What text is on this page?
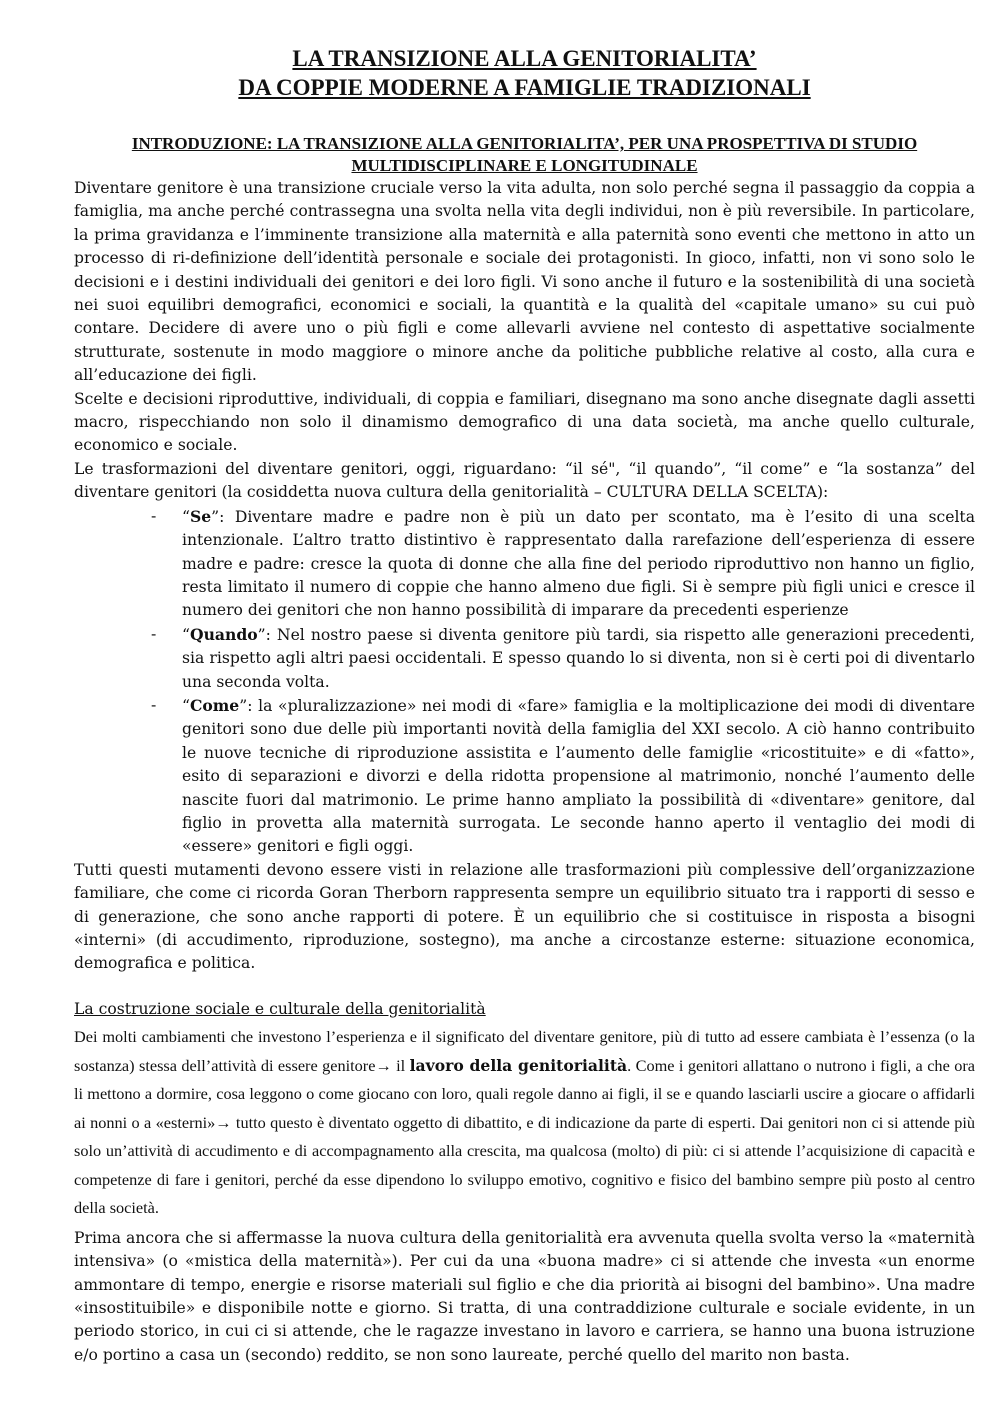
LA TRANSIZIONE ALLA GENITORIALITA’
DA COPPIE MODERNE A FAMIGLIE TRADIZIONALI
INTRODUZIONE: LA TRANSIZIONE ALLA GENITORIALITA’, PER UNA PROSPETTIVA DI STUDIO MULTIDISCIPLINARE E LONGITUDINALE

Diventare genitore è una transizione cruciale verso la vita adulta, non solo perché segna il passaggio da coppia a famiglia, ma anche perché contrassegna una svolta nella vita degli individui, non è più reversibile. In particolare, la prima gravidanza e l’imminente transizione alla maternità e alla paternità sono eventi che mettono in atto un processo di ri-definizione dell’identità personale e sociale dei protagonisti. In gioco, infatti, non vi sono solo le decisioni e i destini individuali dei genitori e dei loro figli. Vi sono anche il futuro e la sostenibilità di una società nei suoi equilibri demografici, economici e sociali, la quantità e la qualità del «capitale umano» su cui può contare. Decidere di avere uno o più figli e come allevarli avviene nel contesto di aspettative socialmente strutturate, sostenute in modo maggiore o minore anche da politiche pubbliche relative al costo, alla cura e all’educazione dei figli.

Scelte e decisioni riproduttive, individuali, di coppia e familiari, disegnano ma sono anche disegnate dagli assetti macro, rispecchiando non solo il dinamismo demografico di una data società, ma anche quello culturale, economico e sociale.

Le trasformazioni del diventare genitori, oggi, riguardano: “il sé", “il quando”, “il come” e “la sostanza” del diventare genitori (la cosiddetta nuova cultura della genitorialità – CULTURA DELLA SCELTA):

- “Se”: Diventare madre e padre non è più un dato per scontato, ma è l’esito di una scelta intenzionale. L’altro tratto distintivo è rappresentato dalla rarefazione dell’esperienza di essere madre e padre: cresce la quota di donne che alla fine del periodo riproduttivo non hanno un figlio, resta limitato il numero di coppie che hanno almeno due figli. Si è sempre più figli unici e cresce il numero dei genitori che non hanno possibilità di imparare da precedenti esperienze
- “Quando”: Nel nostro paese si diventa genitore più tardi, sia rispetto alle generazioni precedenti, sia rispetto agli altri paesi occidentali. E spesso quando lo si diventa, non si è certi poi di diventarlo una seconda volta.
- “Come”: la «pluralizzazione» nei modi di «fare» famiglia e la moltiplicazione dei modi di diventare genitori sono due delle più importanti novità della famiglia del XXI secolo. A ciò hanno contribuito le nuove tecniche di riproduzione assistita e l’aumento delle famiglie «ricostituite» e di «fatto», esito di separazioni e divorzi e della ridotta propensione al matrimonio, nonché l’aumento delle nascite fuori dal matrimonio. Le prime hanno ampliato la possibilità di «diventare» genitore, dal figlio in provetta alla maternità surrogata. Le seconde hanno aperto il ventaglio dei modi di «essere» genitori e figli oggi.

Tutti questi mutamenti devono essere visti in relazione alle trasformazioni più complessive dell’organizzazione familiare, che come ci ricorda Goran Therborn rappresenta sempre un equilibrio situato tra i rapporti di sesso e di generazione, che sono anche rapporti di potere. È un equilibrio che si costituisce in risposta a bisogni «interni» (di accudimento, riproduzione, sostegno), ma anche a circostanze esterne: situazione economica, demografica e politica.

La costruzione sociale e culturale della genitorialità

Dei molti cambiamenti che investono l’esperienza e il significato del diventare genitore, più di tutto ad essere cambiata è l’essenza (o la sostanza) stessa dell’attività di essere genitore→ il lavoro della genitorialità. Come i genitori allattano o nutrono i figli, a che ora li mettono a dormire, cosa leggono o come giocano con loro, quali regole danno ai figli, il se e quando lasciarli uscire a giocare o affidarli ai nonni o a «esterni»→ tutto questo è diventato oggetto di dibattito, e di indicazione da parte di esperti. Dai genitori non ci si attende più solo un’attività di accudimento e di accompagnamento alla crescita, ma qualcosa (molto) di più: ci si attende l’acquisizione di capacità e competenze di fare i genitori, perché da esse dipendono lo sviluppo emotivo, cognitivo e fisico del bambino sempre più posto al centro della società.

Prima ancora che si affermasse la nuova cultura della genitorialità era avvenuta quella svolta verso la «maternità intensiva» (o «mistica della maternità»). Per cui da una «buona madre» ci si attende che investa «un enorme ammontare di tempo, energie e risorse materiali sul figlio e che dia priorità ai bisogni del bambino». Una madre «insostituibile» e disponibile notte e giorno. Si tratta, di una contraddizione culturale e sociale evidente, in un periodo storico, in cui ci si attende, che le ragazze investano in lavoro e carriera, se hanno una buona istruzione e/o portino a casa un (secondo) reddito, se non sono laureate, perché quello del marito non basta.
